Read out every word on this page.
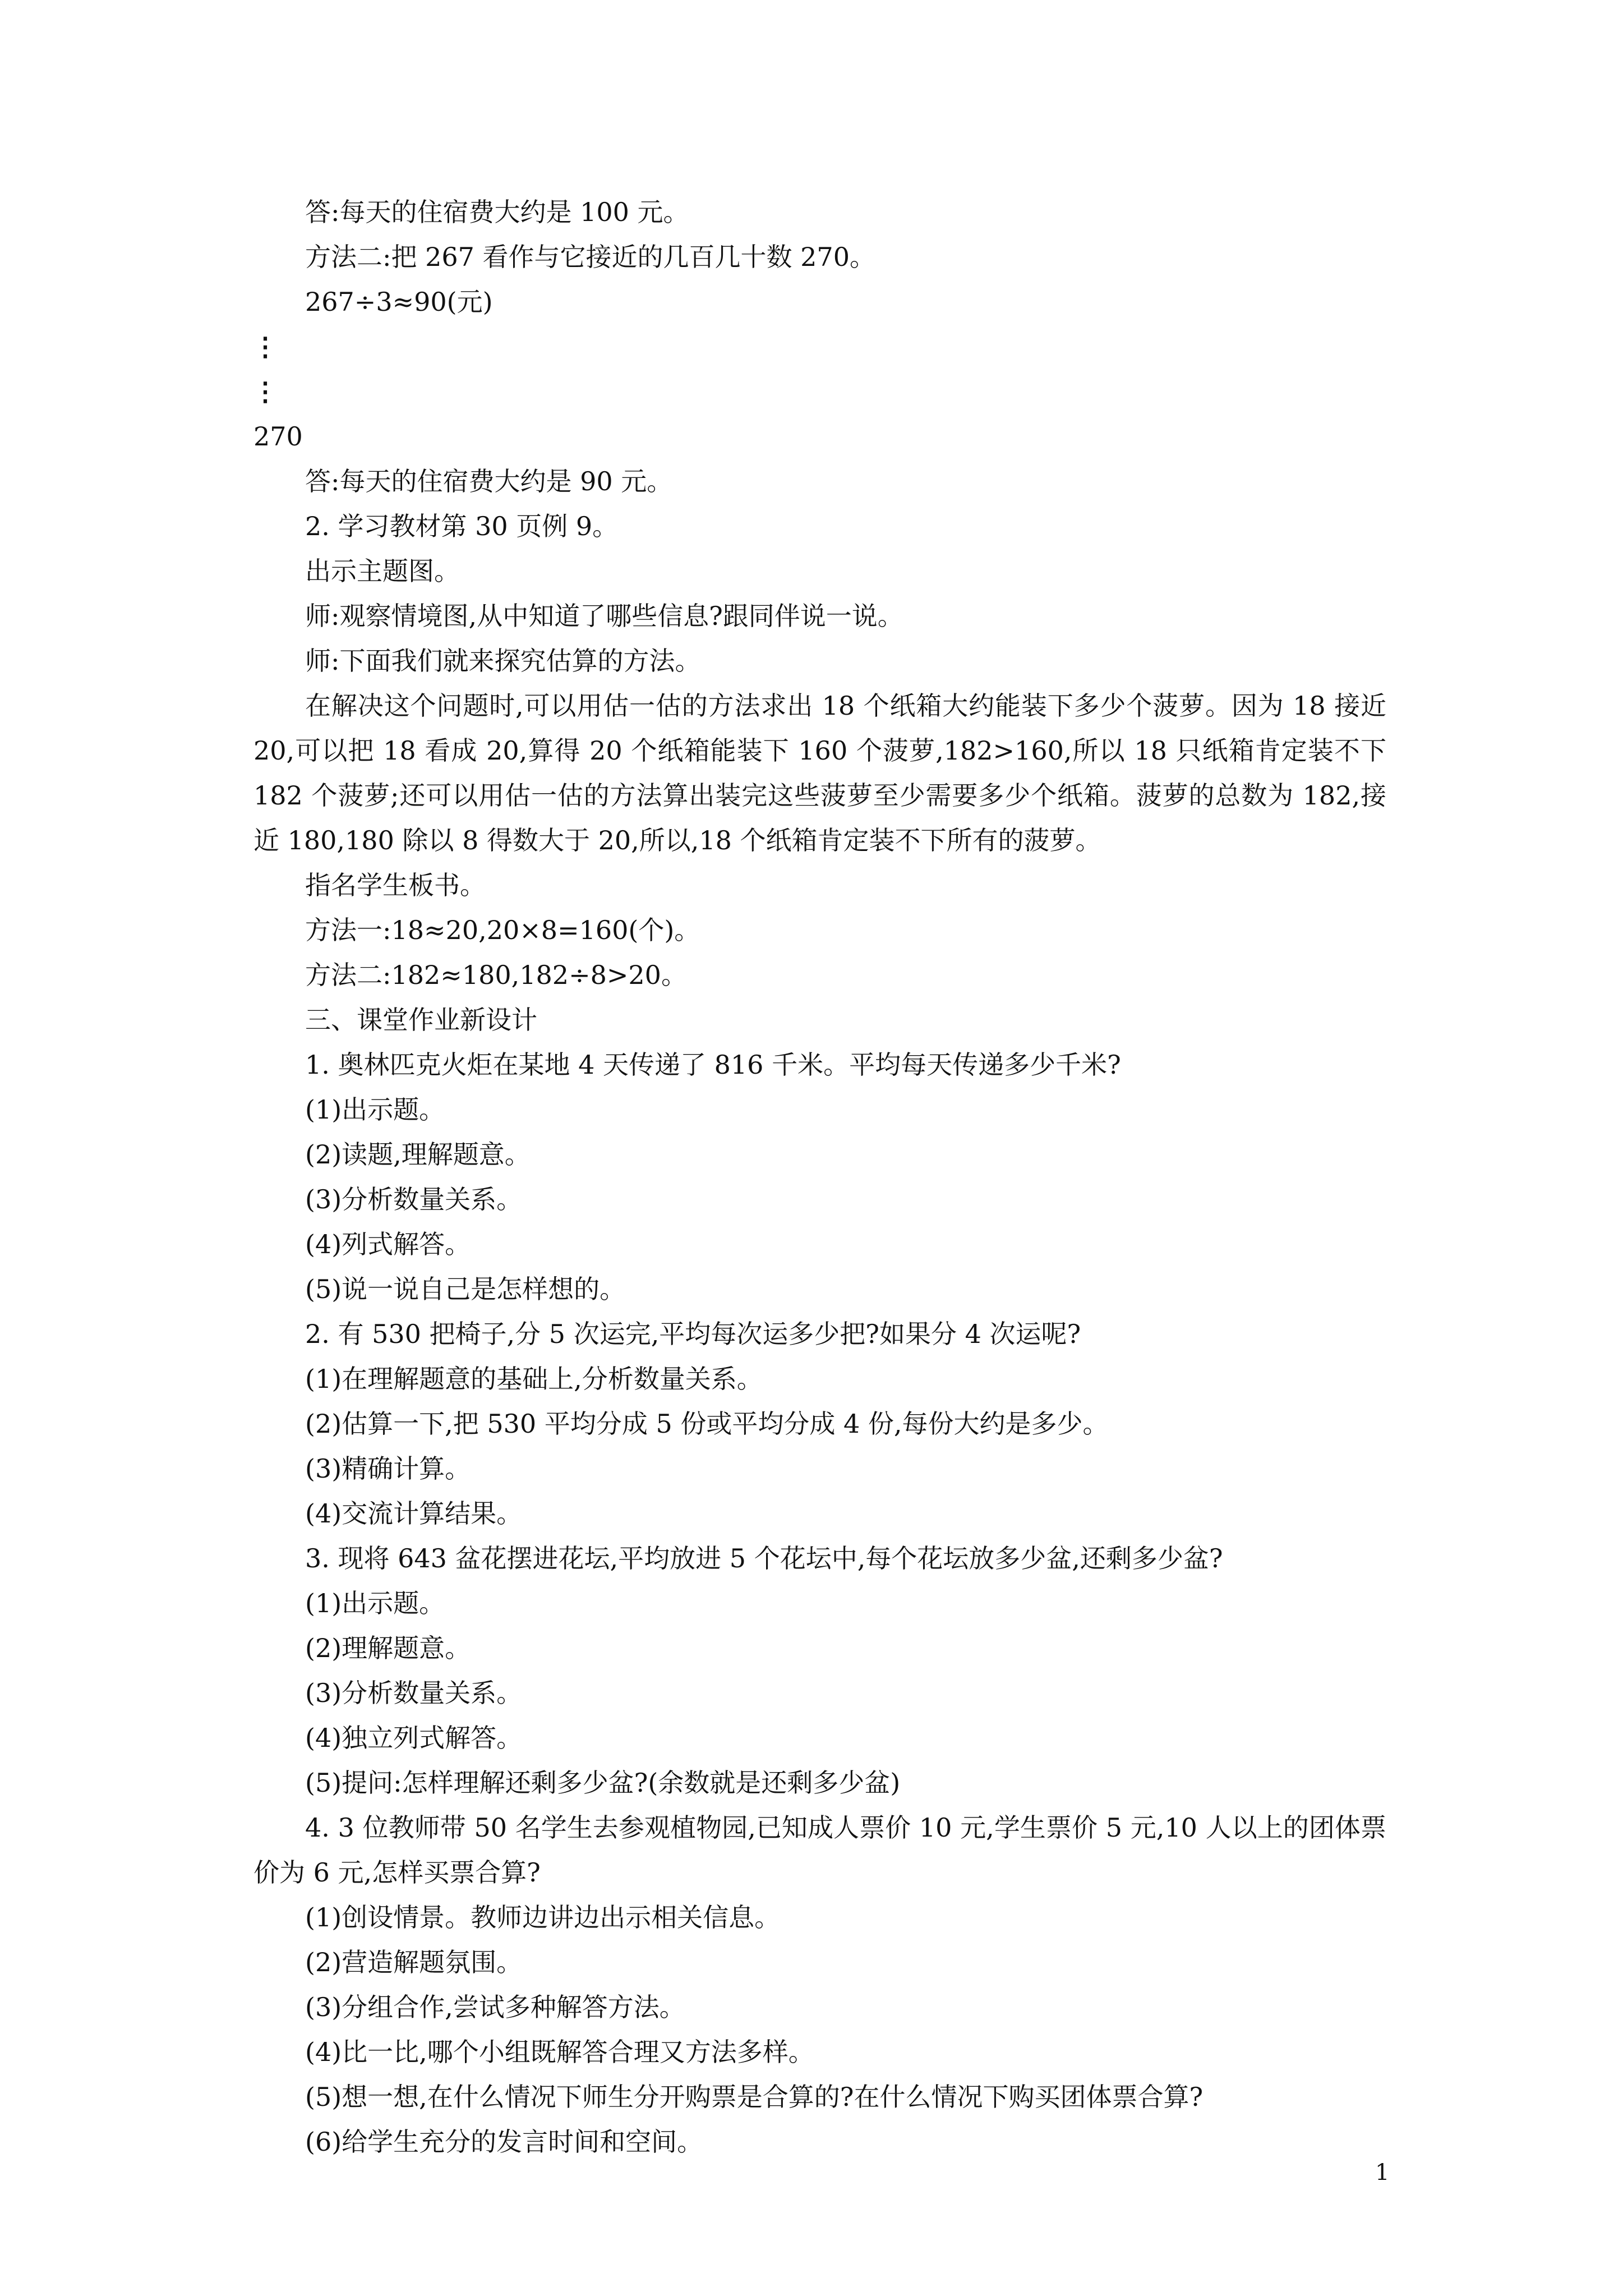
答:每天的住宿费大约是 100 元。
方法二:把 267 看作与它接近的几百几十数 270。
267÷3≈90(元)
⋮
⋮
270
答:每天的住宿费大约是 90 元。
2. 学习教材第 30 页例 9。
出示主题图。
师:观察情境图,从中知道了哪些信息?跟同伴说一说。
师:下面我们就来探究估算的方法。
在解决这个问题时,可以用估一估的方法求出 18 个纸箱大约能装下多少个菠萝。因为 18 接近 20,可以把 18 看成 20,算得 20 个纸箱能装下 160 个菠萝,182>160,所以 18 只纸箱肯定装不下 182 个菠萝;还可以用估一估的方法算出装完这些菠萝至少需要多少个纸箱。菠萝的总数为 182,接近 180,180 除以 8 得数大于 20,所以,18 个纸箱肯定装不下所有的菠萝。
指名学生板书。
方法一:18≈20,20×8=160(个)。
方法二:182≈180,182÷8>20。
三、课堂作业新设计
1. 奥林匹克火炬在某地 4 天传递了 816 千米。平均每天传递多少千米?
(1)出示题。
(2)读题,理解题意。
(3)分析数量关系。
(4)列式解答。
(5)说一说自己是怎样想的。
2. 有 530 把椅子,分 5 次运完,平均每次运多少把?如果分 4 次运呢?
(1)在理解题意的基础上,分析数量关系。
(2)估算一下,把 530 平均分成 5 份或平均分成 4 份,每份大约是多少。
(3)精确计算。
(4)交流计算结果。
3. 现将 643 盆花摆进花坛,平均放进 5 个花坛中,每个花坛放多少盆,还剩多少盆?
(1)出示题。
(2)理解题意。
(3)分析数量关系。
(4)独立列式解答。
(5)提问:怎样理解还剩多少盆?(余数就是还剩多少盆)
4. 3 位教师带 50 名学生去参观植物园,已知成人票价 10 元,学生票价 5 元,10 人以上的团体票价为 6 元,怎样买票合算?
(1)创设情景。教师边讲边出示相关信息。
(2)营造解题氛围。
(3)分组合作,尝试多种解答方法。
(4)比一比,哪个小组既解答合理又方法多样。
(5)想一想,在什么情况下师生分开购票是合算的?在什么情况下购买团体票合算?
(6)给学生充分的发言时间和空间。
1
